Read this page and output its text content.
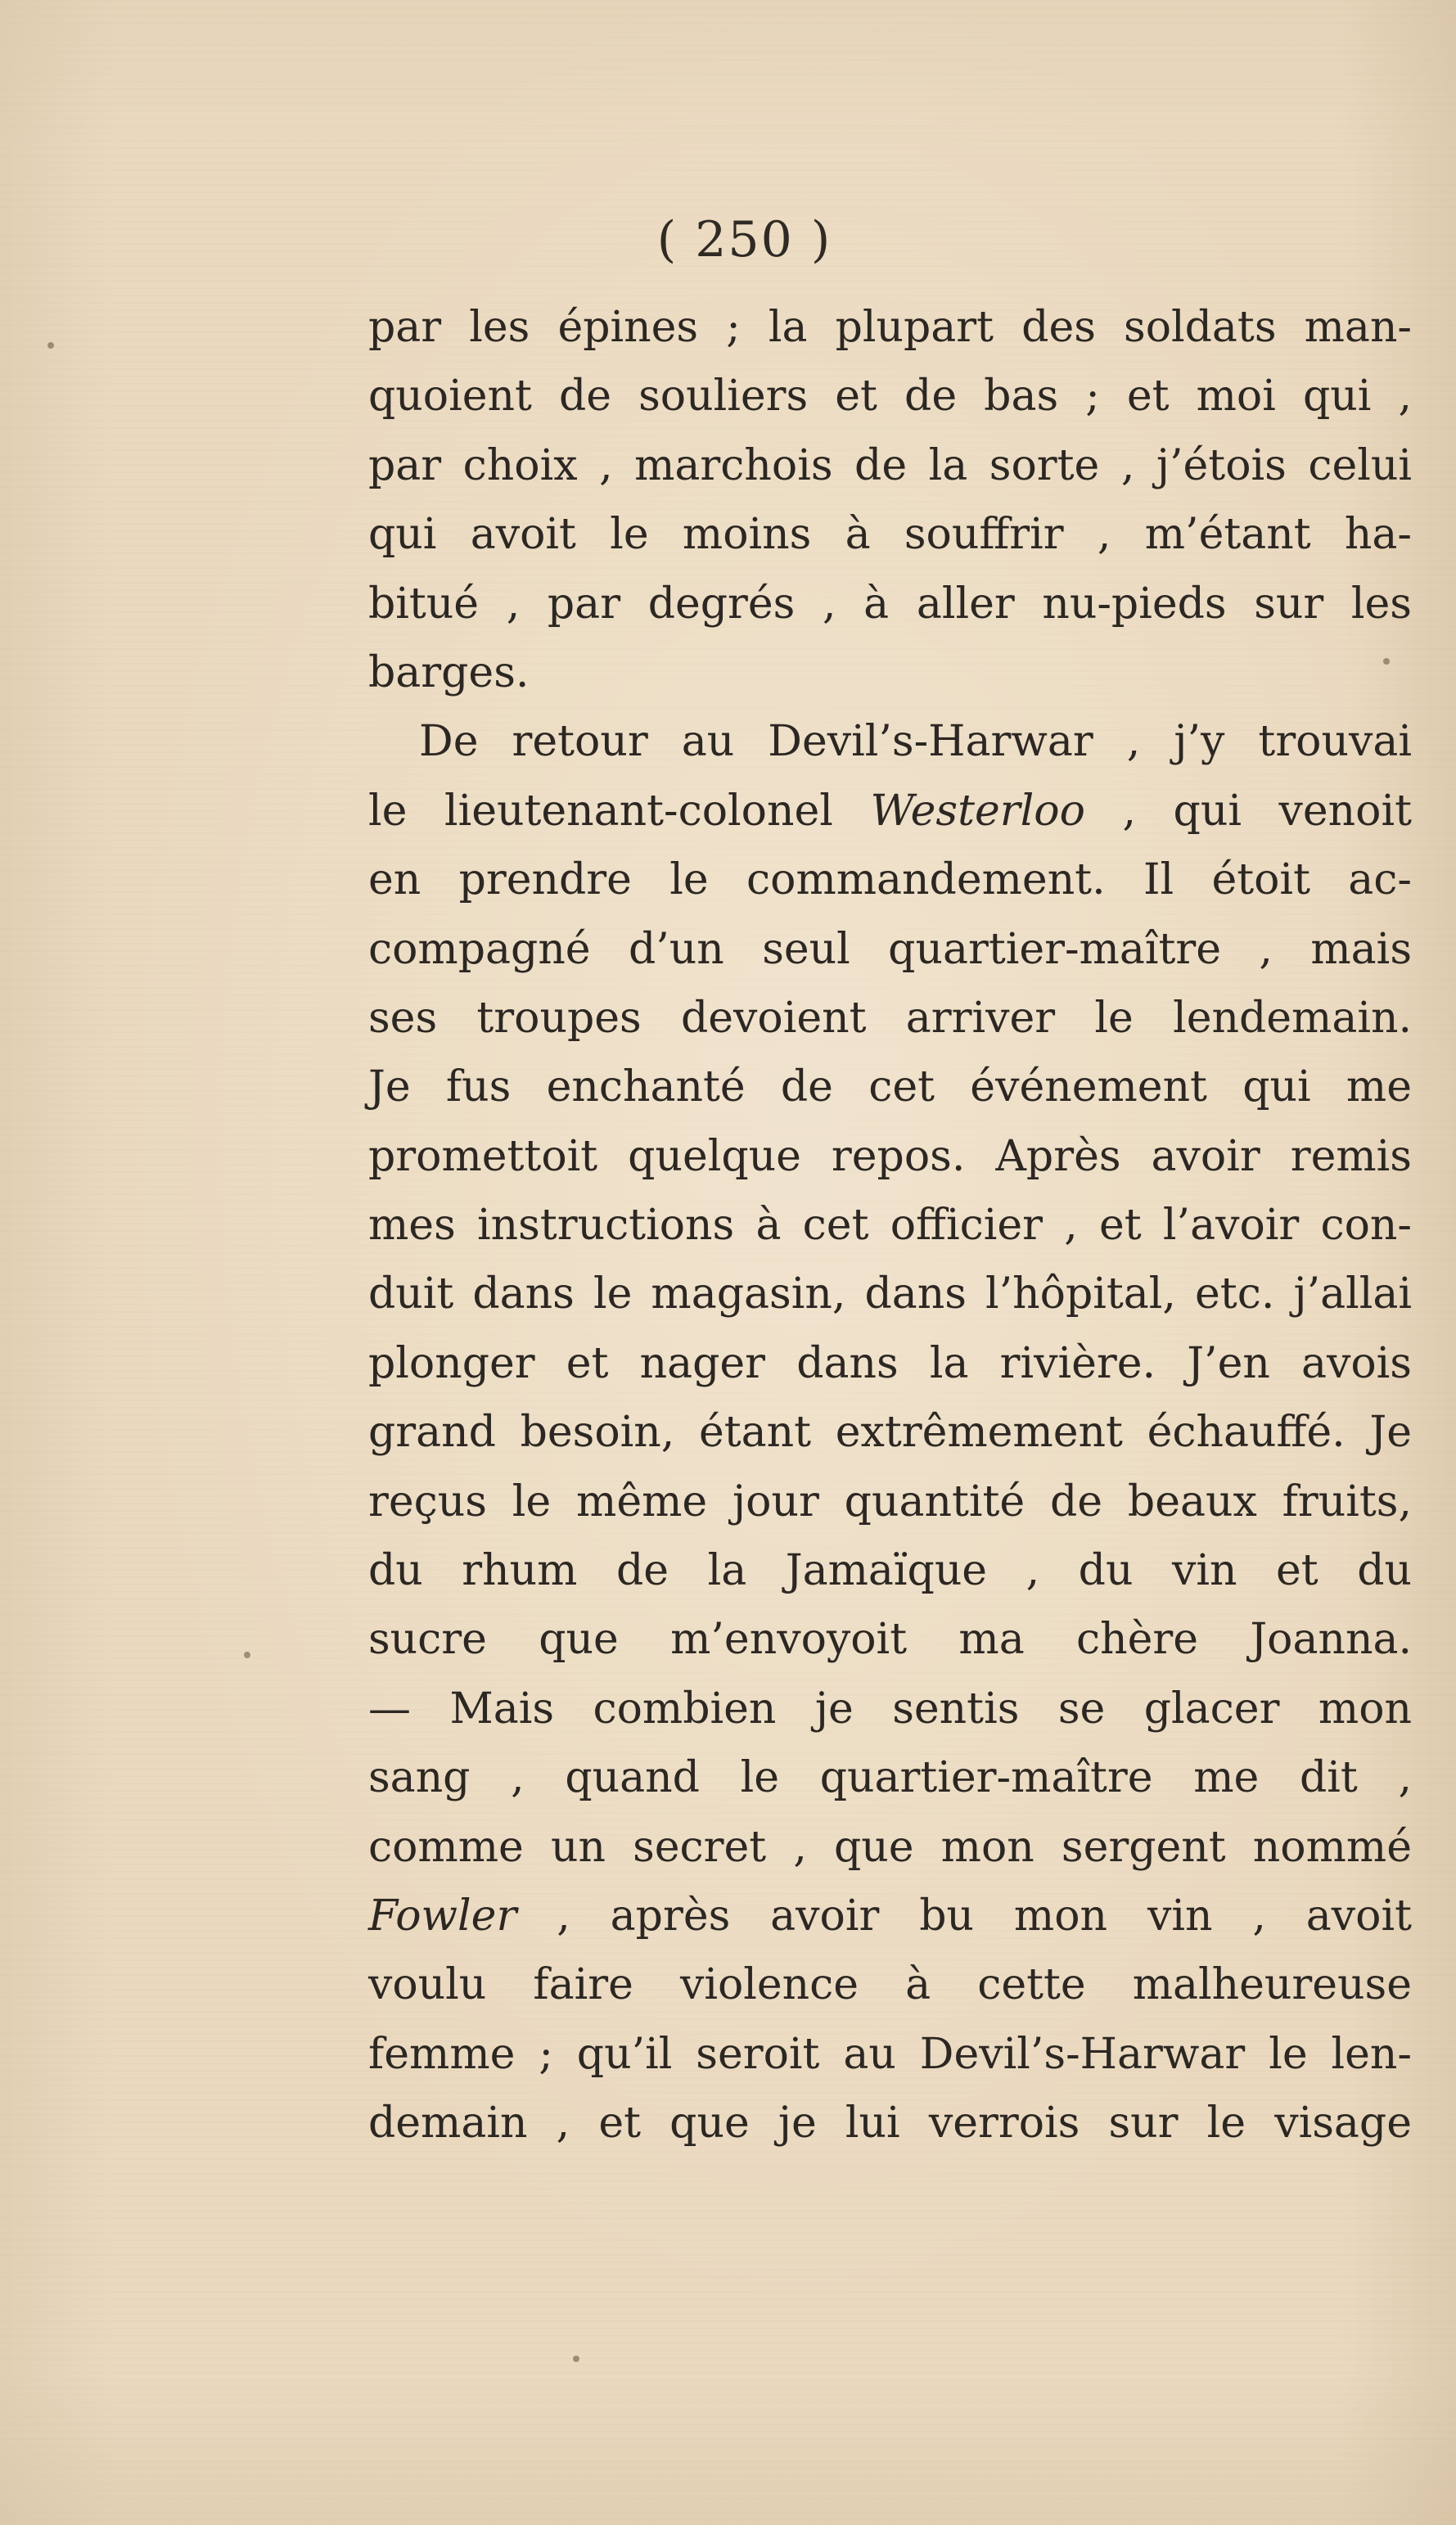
( 250 )
par les épines ; la plupart des soldats man-
quoient de souliers et de bas ; et moi qui ,
par choix , marchois de la sorte , j’étois celui
qui avoit le moins à souffrir , m’étant ha-
bitué , par degrés , à aller nu-pieds sur les
barges.
De retour au Devil’s-Harwar , j’y trouvai
le lieutenant-colonel Westerloo , qui venoit
en prendre le commandement. Il étoit ac-
compagné d’un seul quartier-maître , mais
ses troupes devoient arriver le lendemain.
Je fus enchanté de cet événement qui me
promettoit quelque repos. Après avoir remis
mes instructions à cet officier , et l’avoir con-
duit dans le magasin, dans l’hôpital, etc. j’allai
plonger et nager dans la rivière. J’en avois
grand besoin, étant extrêmement échauffé. Je
reçus le même jour quantité de beaux fruits,
du rhum de la Jamaïque , du vin et du
sucre que m’envoyoit ma chère Joanna.
— Mais combien je sentis se glacer mon
sang , quand le quartier-maître me dit ,
comme un secret , que mon sergent nommé
Fowler , après avoir bu mon vin , avoit
voulu faire violence à cette malheureuse
femme ; qu’il seroit au Devil’s-Harwar le len-
demain , et que je lui verrois sur le visage
